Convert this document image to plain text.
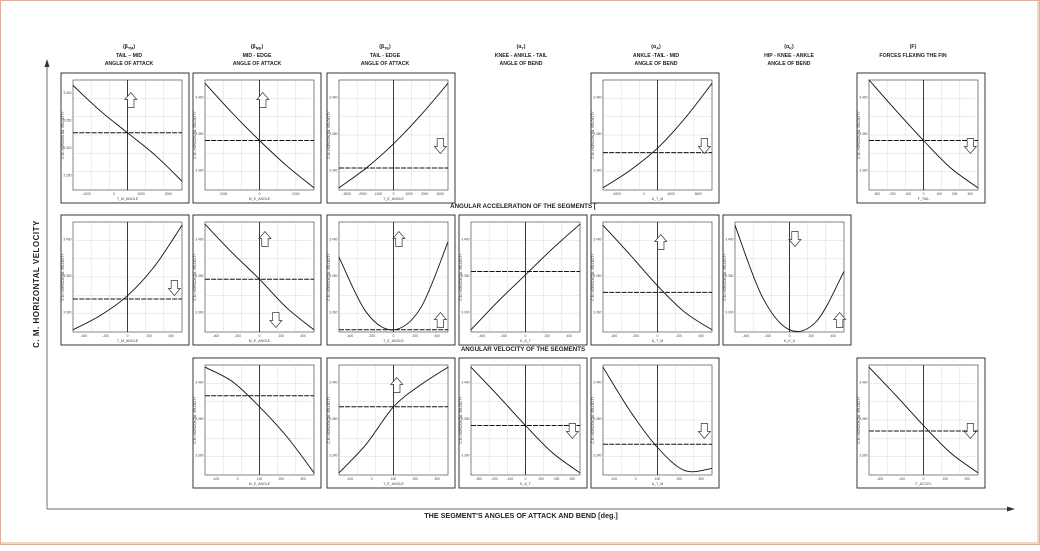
C. M. HORIZONTAL VELOCITY
THE SEGMENT'S ANGLES OF ATTACK AND BEND [deg.]
ANGULAR ACCELERATION OF THE SEGMENTS [
ANGULAR VELOCITY OF THE SEGMENTS
$(\beta_{TM})$
TAIL – MID
ANGLE OF ATTACK
$(\beta_{ME})$
MID - EDGE
ANGLE OF ATTACK
$(\beta_{TE})$
TAIL - EDGE
ANGLE OF ATTACK
$(\alpha_T)$
KNEE - ANKLE - TAIL
ANGLE OF BEND
$(\alpha_A)$
ANKLE -TAIL - MID
ANGLE OF BEND
$(\alpha_K)$
HIP - KNEE - ANKLE
ANGLE OF BEND
(F)
FORCES FLEXING THE FIN
-1000	0	1000	2000
3.400
3.350
3.300
3.250
T_M_ANGLE
C.M. HORIZONTAL VELOCITY
-2000	0	2000
3.400
3.350
3.300
M_E_ANGLE
C.M. HORIZONTAL VELOCITY
-3000 -2000 -1000	0	1000 2000 3000
3.400
3.350
3.300
T_E_ANGLE
C.M. HORIZONTAL VELOCITY
-4000	0	4000	8000
3.400
3.350
3.300
A_T_M
C.M. HORIZONTAL VELOCITY
-300	-200	-100	0	100	200	300
3.400
3.350
3.300
F_TAIL
C.M. HORIZONTAL VELOCITY
-400	-200	0	200	400
3.400
3.350
3.300
T_M_ANGLE
C.M. HORIZONTAL VELOCITY
-400	-200	0	200	400
3.400
3.350
3.300
M_E_ANGLE
C.M. HORIZONTAL VELOCITY
-400	-200	0	200	400
3.400
3.350
3.300
T_E_ANGLE
C.M. HORIZONTAL VELOCITY
-400	-200	0	200	400
3.400
3.350
3.300
K_A_T
C.M. HORIZONTAL VELOCITY
-400	-200	0	200	400
3.400
3.350
3.300
A_T_M
C.M. HORIZONTAL VELOCITY
-400	-200	0	200	400
3.400
3.350
3.300
H_K_A
C.M. HORIZONTAL VELOCITY
-100	0	100	200	300
3.400
3.350
3.300
M_E_ANGLE
C.M. HORIZONTAL VELOCITY
-100	0	100	200	300
3.400
3.350
3.300
T_E_ANGLE
C.M. HORIZONTAL VELOCITY
-300	-200	-100	0	100	200	300
3.400
3.350
3.300
K_A_T
C.M. HORIZONTAL VELOCITY
-100	0	100	200	300
3.400
3.350
3.300
A_T_M
C.M. HORIZONTAL VELOCITY
-200	-100	0	100	200
3.400
3.350
3.300
F_ACCEL
C.M. HORIZONTAL VELOCITY
